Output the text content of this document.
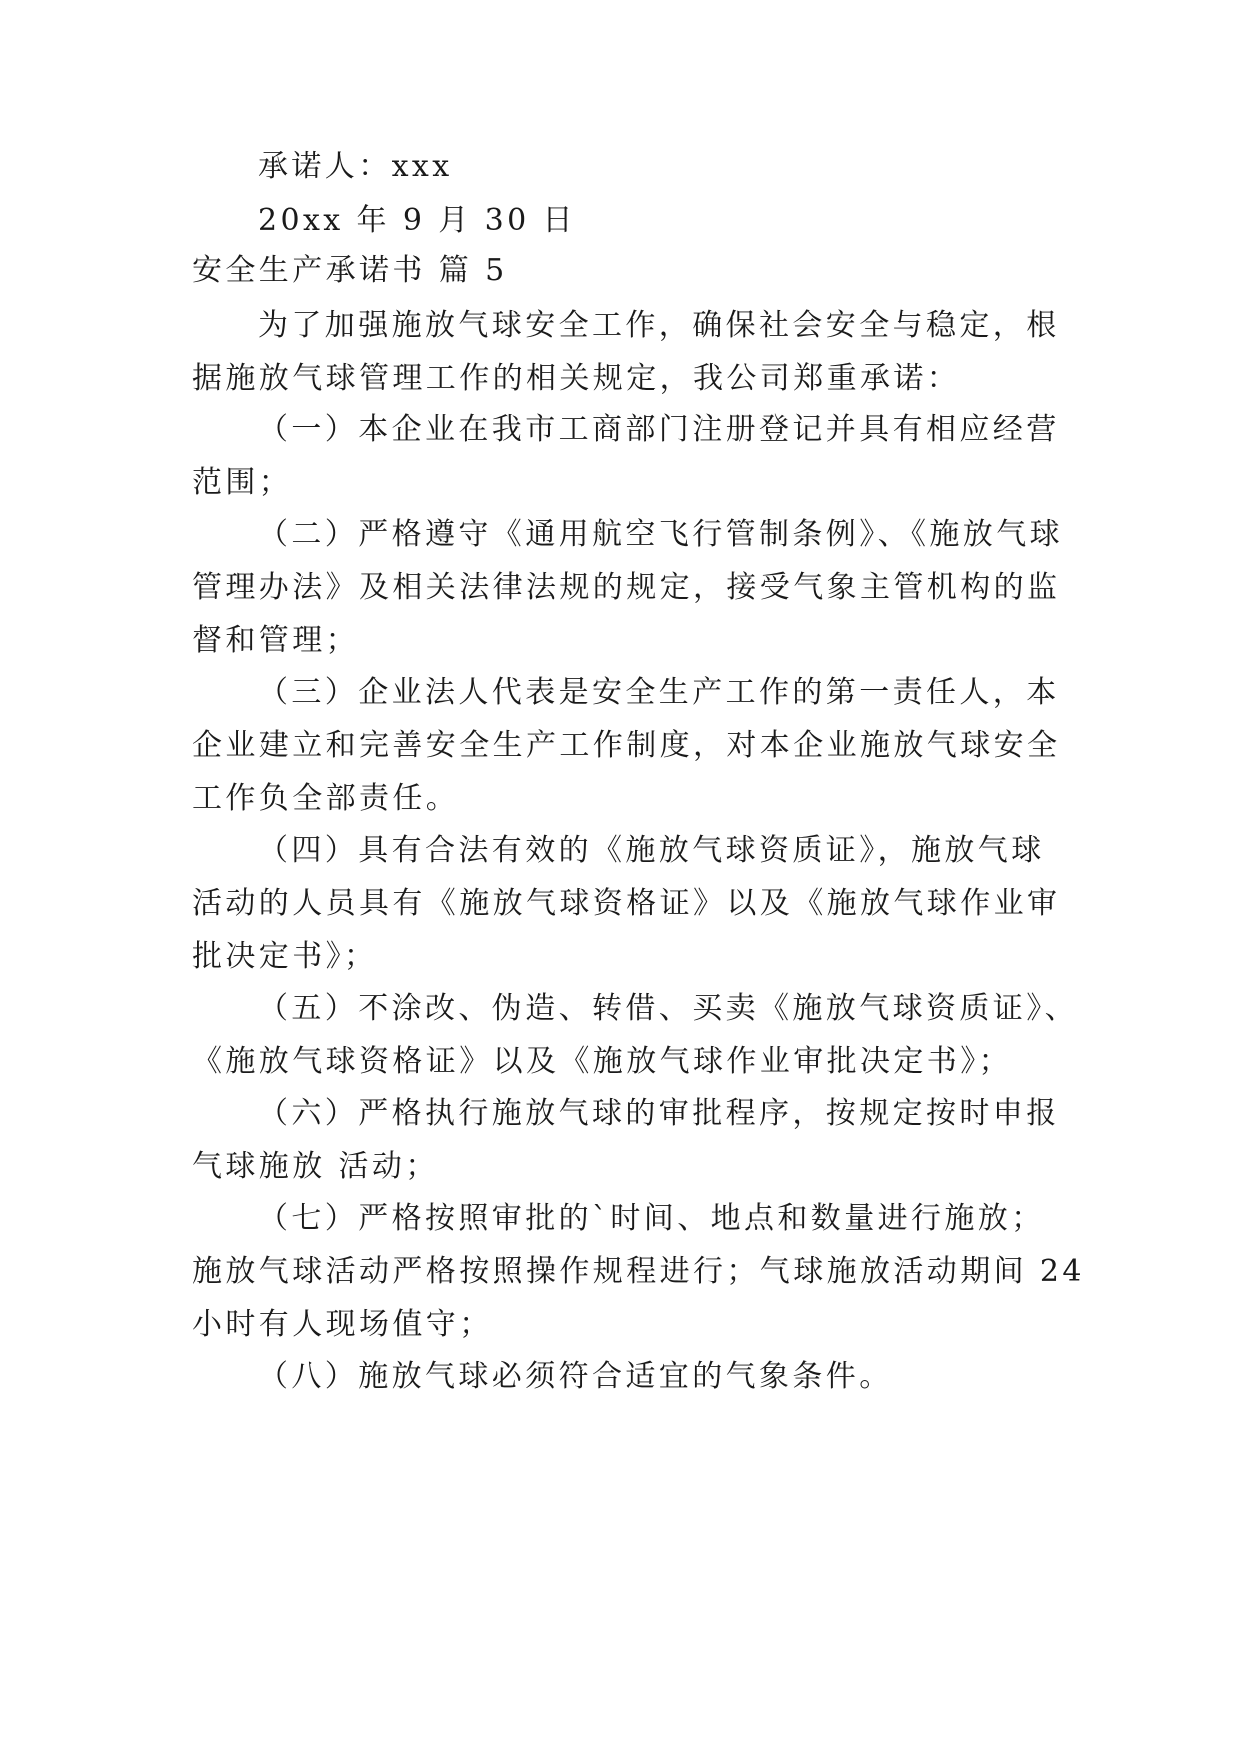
承诺人：xxx
20xx 年 9 月 30 日
安全生产承诺书 篇 5
为了加强施放气球安全工作，确保社会安全与稳定，根
据施放气球管理工作的相关规定，我公司郑重承诺：
（一）本企业在我市工商部门注册登记并具有相应经营
范围；
（二）严格遵守《通用航空飞行管制条例》、《施放气球
管理办法》及相关法律法规的规定，接受气象主管机构的监
督和管理；
（三）企业法人代表是安全生产工作的第一责任人，本
企业建立和完善安全生产工作制度，对本企业施放气球安全
工作负全部责任。
（四）具有合法有效的《施放气球资质证》，施放气球
活动的人员具有《施放气球资格证》以及《施放气球作业审
批决定书》；
（五）不涂改、伪造、转借、买卖《施放气球资质证》、
《施放气球资格证》以及《施放气球作业审批决定书》；
（六）严格执行施放气球的审批程序，按规定按时申报
气球施放 活动；
（七）严格按照审批的`时间、地点和数量进行施放；
施放气球活动严格按照操作规程进行；气球施放活动期间 24
小时有人现场值守；
（八）施放气球必须符合适宜的气象条件。
